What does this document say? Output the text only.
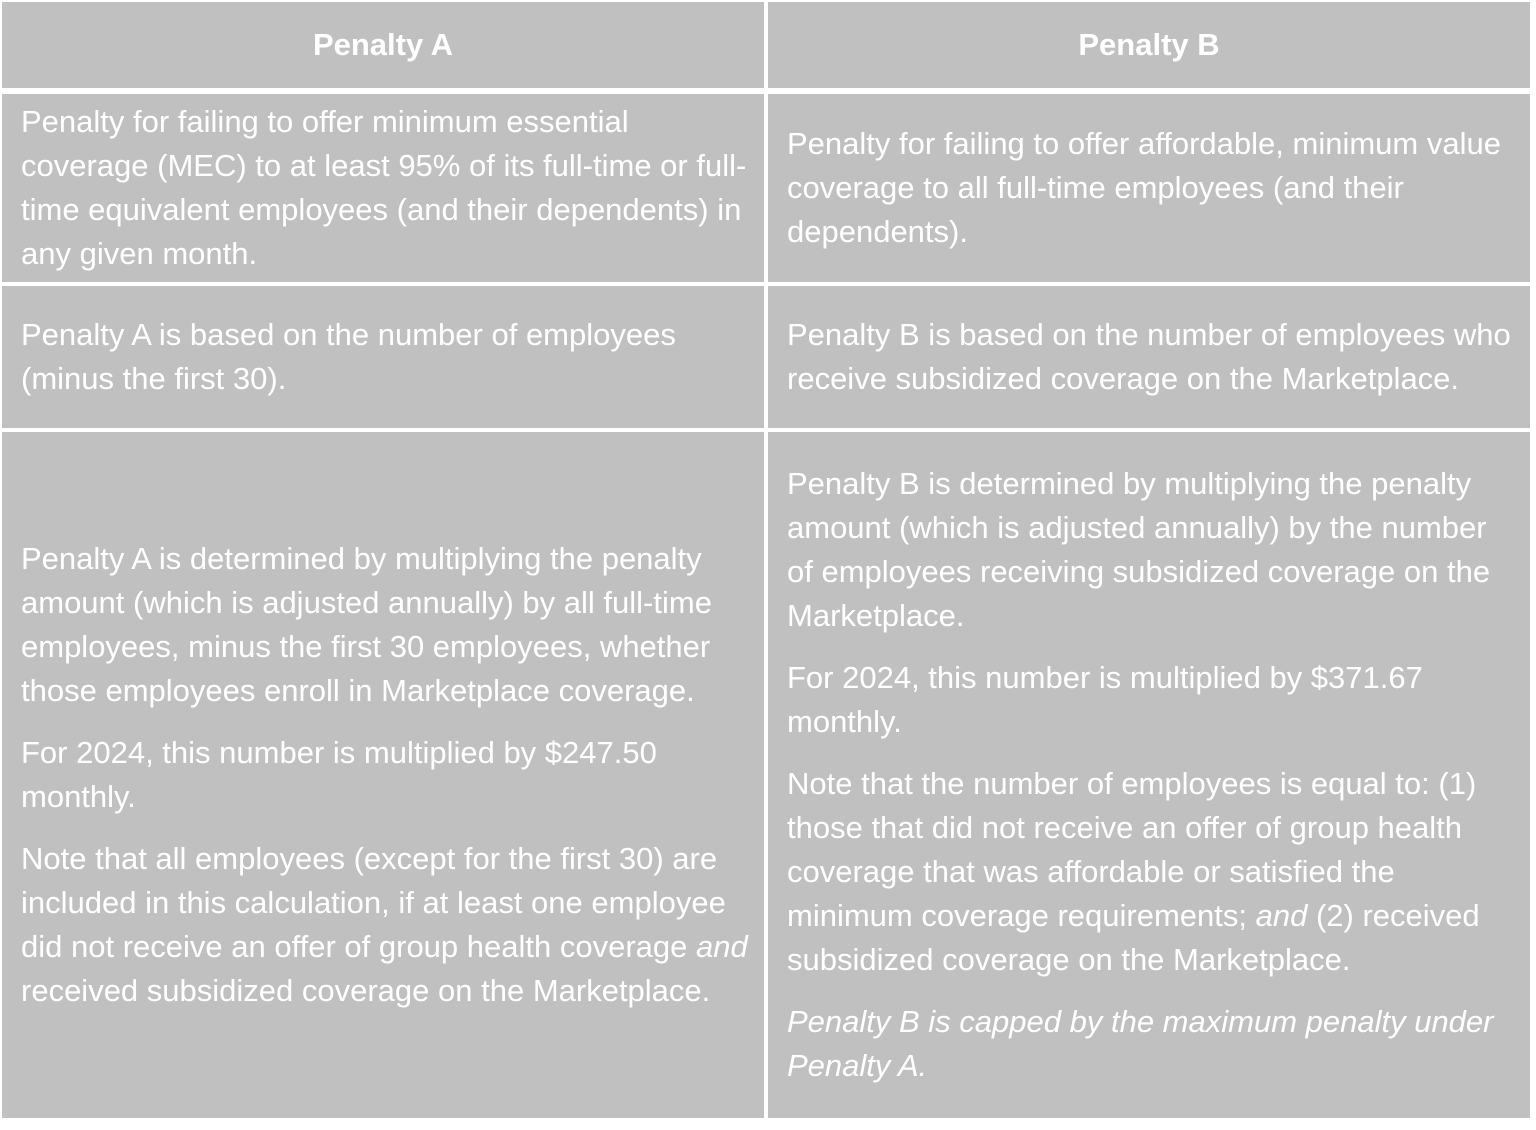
Penalty A	Penalty B

Penalty for failing to offer minimum essential coverage (MEC) to at least 95% of its full-time or full-time equivalent employees (and their dependents) in any given month.

Penalty for failing to offer affordable, minimum value coverage to all full-time employees (and their dependents).

Penalty A is based on the number of employees (minus the first 30).

Penalty B is based on the number of employees who receive subsidized coverage on the Marketplace.

Penalty A is determined by multiplying the penalty amount (which is adjusted annually) by all full-time employees, minus the first 30 employees, whether those employees enroll in Marketplace coverage.

For 2024, this number is multiplied by $247.50 monthly.

Note that all employees (except for the first 30) are included in this calculation, if at least one employee did not receive an offer of group health coverage and received subsidized coverage on the Marketplace.

Penalty B is determined by multiplying the penalty amount (which is adjusted annually) by the number of employees receiving subsidized coverage on the Marketplace.

For 2024, this number is multiplied by $371.67 monthly.

Note that the number of employees is equal to: (1) those that did not receive an offer of group health coverage that was affordable or satisfied the minimum coverage requirements; and (2) received subsidized coverage on the Marketplace.

Penalty B is capped by the maximum penalty under Penalty A.
